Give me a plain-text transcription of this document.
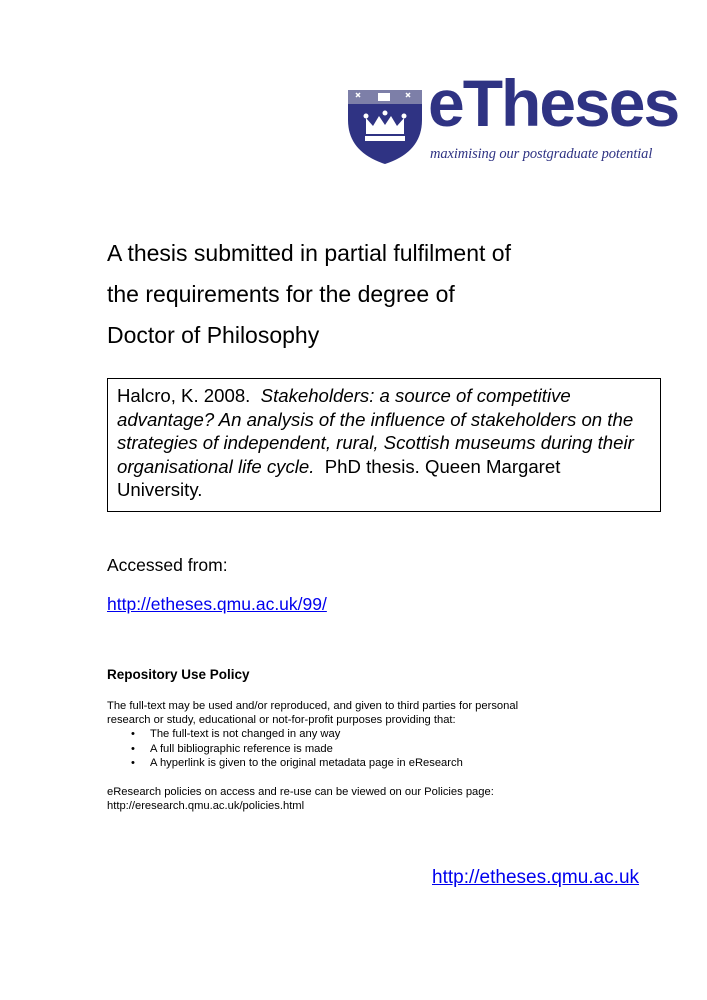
eTheses
maximising our postgraduate potential
A thesis submitted in partial fulfilment of
the requirements for the degree of
Doctor of Philosophy
Halcro, K. 2008. Stakeholders: a source of competitive advantage? An analysis of the influence of stakeholders on the strategies of independent, rural, Scottish museums during their organisational life cycle. PhD thesis. Queen Margaret University.
Accessed from:
http://etheses.qmu.ac.uk/99/
Repository Use Policy
The full-text may be used and/or reproduced, and given to third parties for personal
research or study, educational or not-for-profit purposes providing that:
• The full-text is not changed in any way
• A full bibliographic reference is made
• A hyperlink is given to the original metadata page in eResearch
eResearch policies on access and re-use can be viewed on our Policies page:
http://eresearch.qmu.ac.uk/policies.html
http://etheses.qmu.ac.uk
